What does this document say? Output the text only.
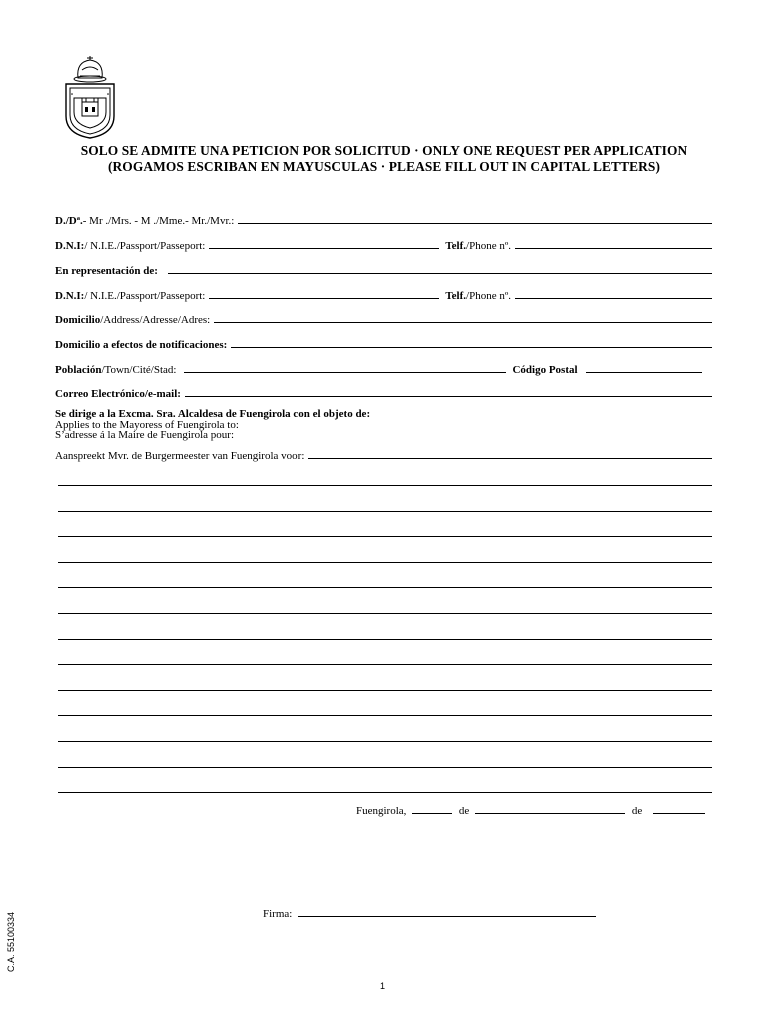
SOLO SE ADMITE UNA PETICION POR SOLICITUD · ONLY ONE REQUEST PER APPLICATION
(ROGAMOS ESCRIBAN EN MAYUSCULAS · PLEASE FILL OUT IN CAPITAL LETTERS)
D./Dª. - Mr ./Mrs. - M ./Mme.- Mr./Mvr.:
D.N.I: / N.I.E./Passport/Passeport:	Telf. /Phone nº.
En representación de:
D.N.I: / N.I.E./Passport/Passeport:	Telf. /Phone nº.
Domicilio /Address/Adresse/Adres:
Domicilio a efectos de notificaciones:
Población /Town/Cité/Stad:	Código Postal
Correo Electrónico/e-mail:
Se dirige a la Excma. Sra. Alcaldesa de Fuengirola con el objeto de:
Applies to the Mayoress of Fuengirola to:
S’adresse á la Maire de Fuengirola pour:
Aanspreekt Mvr. de Burgermeester van Fuengirola voor:
Fuengirola,	de	de
Firma:
C.A. 55100334
1
